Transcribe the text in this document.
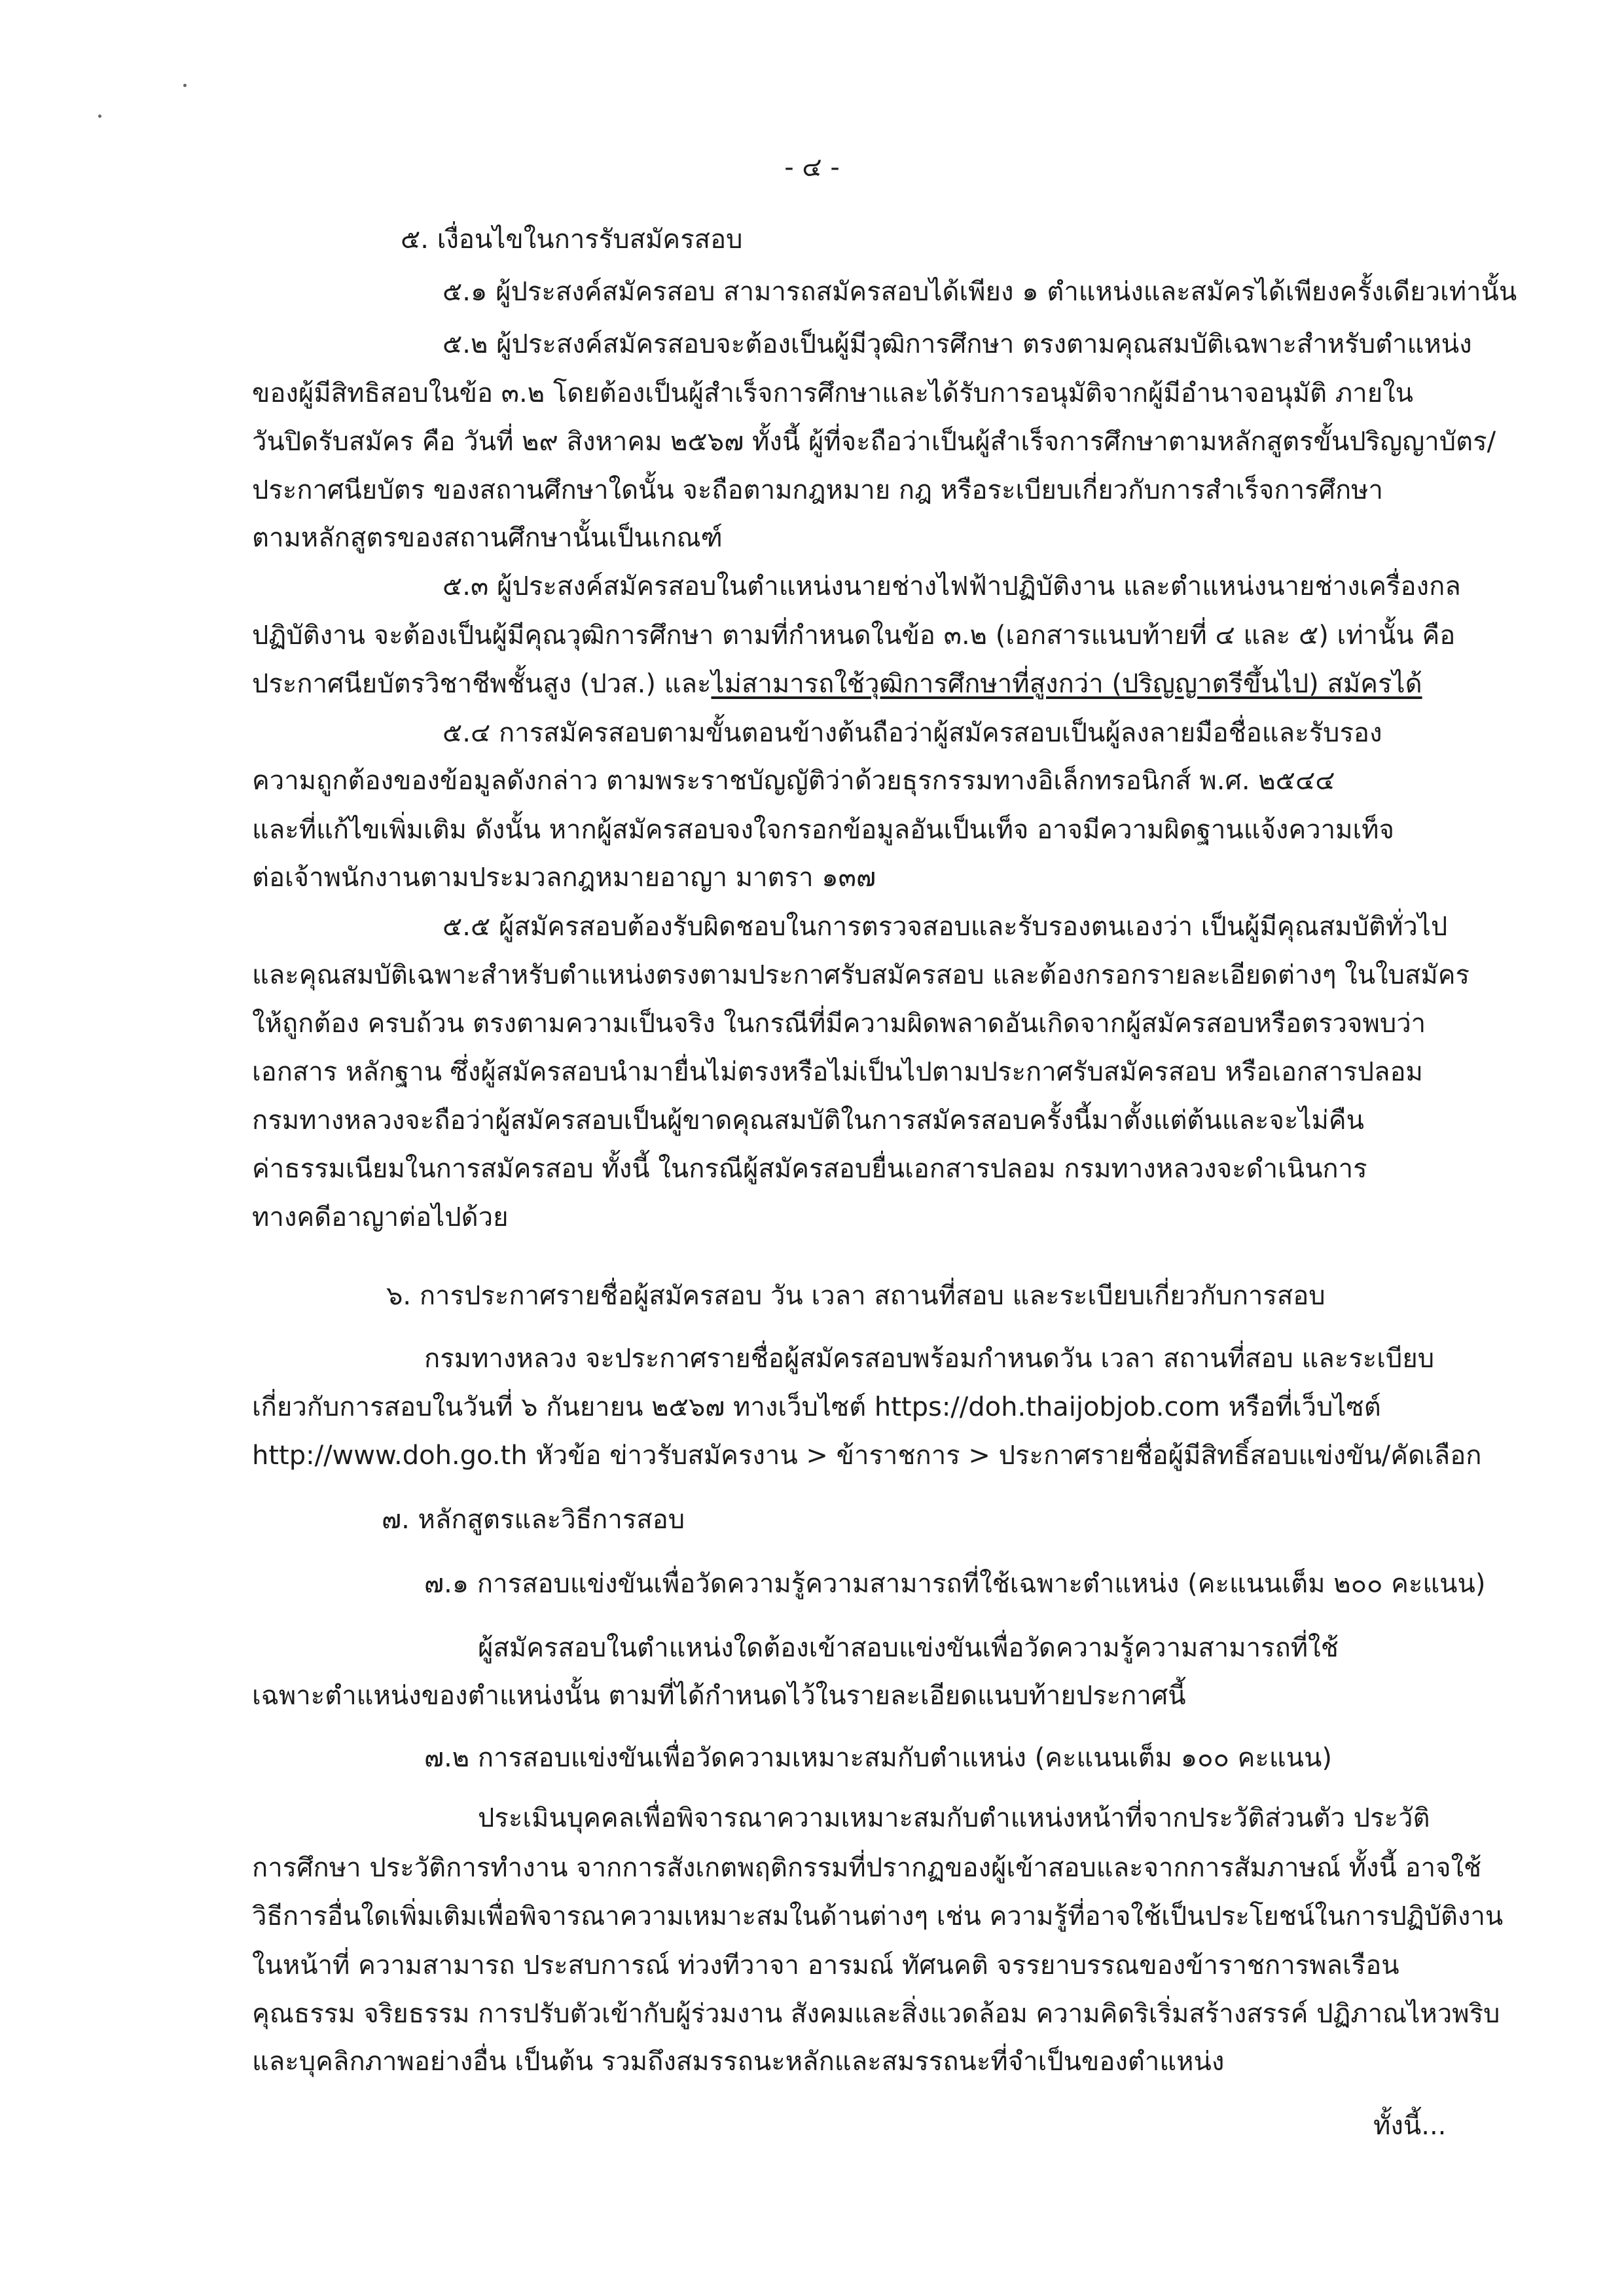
- ๔ -
๕. เงื่อนไขในการรับสมัครสอบ
๕.๑ ผู้ประสงค์สมัครสอบ สามารถสมัครสอบได้เพียง ๑ ตำแหน่งและสมัครได้เพียงครั้งเดียวเท่านั้น
๕.๒ ผู้ประสงค์สมัครสอบจะต้องเป็นผู้มีวุฒิการศึกษา ตรงตามคุณสมบัติเฉพาะสำหรับตำแหน่ง
ของผู้มีสิทธิสอบในข้อ ๓.๒ โดยต้องเป็นผู้สำเร็จการศึกษาและได้รับการอนุมัติจากผู้มีอำนาจอนุมัติ ภายใน
วันปิดรับสมัคร คือ วันที่ ๒๙ สิงหาคม ๒๕๖๗ ทั้งนี้ ผู้ที่จะถือว่าเป็นผู้สำเร็จการศึกษาตามหลักสูตรขั้นปริญญาบัตร/
ประกาศนียบัตร ของสถานศึกษาใดนั้น จะถือตามกฎหมาย กฎ หรือระเบียบเกี่ยวกับการสำเร็จการศึกษา
ตามหลักสูตรของสถานศึกษานั้นเป็นเกณฑ์
๕.๓ ผู้ประสงค์สมัครสอบในตำแหน่งนายช่างไฟฟ้าปฏิบัติงาน และตำแหน่งนายช่างเครื่องกล
ปฏิบัติงาน จะต้องเป็นผู้มีคุณวุฒิการศึกษา ตามที่กำหนดในข้อ ๓.๒ (เอกสารแนบท้ายที่ ๔ และ ๕) เท่านั้น คือ
ประกาศนียบัตรวิชาชีพชั้นสูง (ปวส.) และไม่สามารถใช้วุฒิการศึกษาที่สูงกว่า (ปริญญาตรีขึ้นไป) สมัครได้
๕.๔ การสมัครสอบตามขั้นตอนข้างต้นถือว่าผู้สมัครสอบเป็นผู้ลงลายมือชื่อและรับรอง
ความถูกต้องของข้อมูลดังกล่าว ตามพระราชบัญญัติว่าด้วยธุรกรรมทางอิเล็กทรอนิกส์ พ.ศ. ๒๕๔๔
และที่แก้ไขเพิ่มเติม ดังนั้น หากผู้สมัครสอบจงใจกรอกข้อมูลอันเป็นเท็จ อาจมีความผิดฐานแจ้งความเท็จ
ต่อเจ้าพนักงานตามประมวลกฎหมายอาญา มาตรา ๑๓๗
๕.๕ ผู้สมัครสอบต้องรับผิดชอบในการตรวจสอบและรับรองตนเองว่า เป็นผู้มีคุณสมบัติทั่วไป
และคุณสมบัติเฉพาะสำหรับตำแหน่งตรงตามประกาศรับสมัครสอบ และต้องกรอกรายละเอียดต่างๆ ในใบสมัคร
ให้ถูกต้อง ครบถ้วน ตรงตามความเป็นจริง ในกรณีที่มีความผิดพลาดอันเกิดจากผู้สมัครสอบหรือตรวจพบว่า
เอกสาร หลักฐาน ซึ่งผู้สมัครสอบนำมายื่นไม่ตรงหรือไม่เป็นไปตามประกาศรับสมัครสอบ หรือเอกสารปลอม
กรมทางหลวงจะถือว่าผู้สมัครสอบเป็นผู้ขาดคุณสมบัติในการสมัครสอบครั้งนี้มาตั้งแต่ต้นและจะไม่คืน
ค่าธรรมเนียมในการสมัครสอบ ทั้งนี้ ในกรณีผู้สมัครสอบยื่นเอกสารปลอม กรมทางหลวงจะดำเนินการ
ทางคดีอาญาต่อไปด้วย
๖. การประกาศรายชื่อผู้สมัครสอบ วัน เวลา สถานที่สอบ และระเบียบเกี่ยวกับการสอบ
กรมทางหลวง จะประกาศรายชื่อผู้สมัครสอบพร้อมกำหนดวัน เวลา สถานที่สอบ และระเบียบ
เกี่ยวกับการสอบในวันที่ ๖ กันยายน ๒๕๖๗ ทางเว็บไซต์ https://doh.thaijobjob.com หรือที่เว็บไซต์
http://www.doh.go.th หัวข้อ ข่าวรับสมัครงาน > ข้าราชการ > ประกาศรายชื่อผู้มีสิทธิ์สอบแข่งขัน/คัดเลือก
๗. หลักสูตรและวิธีการสอบ
๗.๑ การสอบแข่งขันเพื่อวัดความรู้ความสามารถที่ใช้เฉพาะตำแหน่ง (คะแนนเต็ม ๒๐๐ คะแนน)
ผู้สมัครสอบในตำแหน่งใดต้องเข้าสอบแข่งขันเพื่อวัดความรู้ความสามารถที่ใช้
เฉพาะตำแหน่งของตำแหน่งนั้น ตามที่ได้กำหนดไว้ในรายละเอียดแนบท้ายประกาศนี้
๗.๒ การสอบแข่งขันเพื่อวัดความเหมาะสมกับตำแหน่ง (คะแนนเต็ม ๑๐๐ คะแนน)
ประเมินบุคคลเพื่อพิจารณาความเหมาะสมกับตำแหน่งหน้าที่จากประวัติส่วนตัว ประวัติ
การศึกษา ประวัติการทำงาน จากการสังเกตพฤติกรรมที่ปรากฏของผู้เข้าสอบและจากการสัมภาษณ์ ทั้งนี้ อาจใช้
วิธีการอื่นใดเพิ่มเติมเพื่อพิจารณาความเหมาะสมในด้านต่างๆ เช่น ความรู้ที่อาจใช้เป็นประโยชน์ในการปฏิบัติงาน
ในหน้าที่ ความสามารถ ประสบการณ์ ท่วงทีวาจา อารมณ์ ทัศนคติ จรรยาบรรณของข้าราชการพลเรือน
คุณธรรม จริยธรรม การปรับตัวเข้ากับผู้ร่วมงาน สังคมและสิ่งแวดล้อม ความคิดริเริ่มสร้างสรรค์ ปฏิภาณไหวพริบ
และบุคลิกภาพอย่างอื่น เป็นต้น รวมถึงสมรรถนะหลักและสมรรถนะที่จำเป็นของตำแหน่ง
ทั้งนี้...
